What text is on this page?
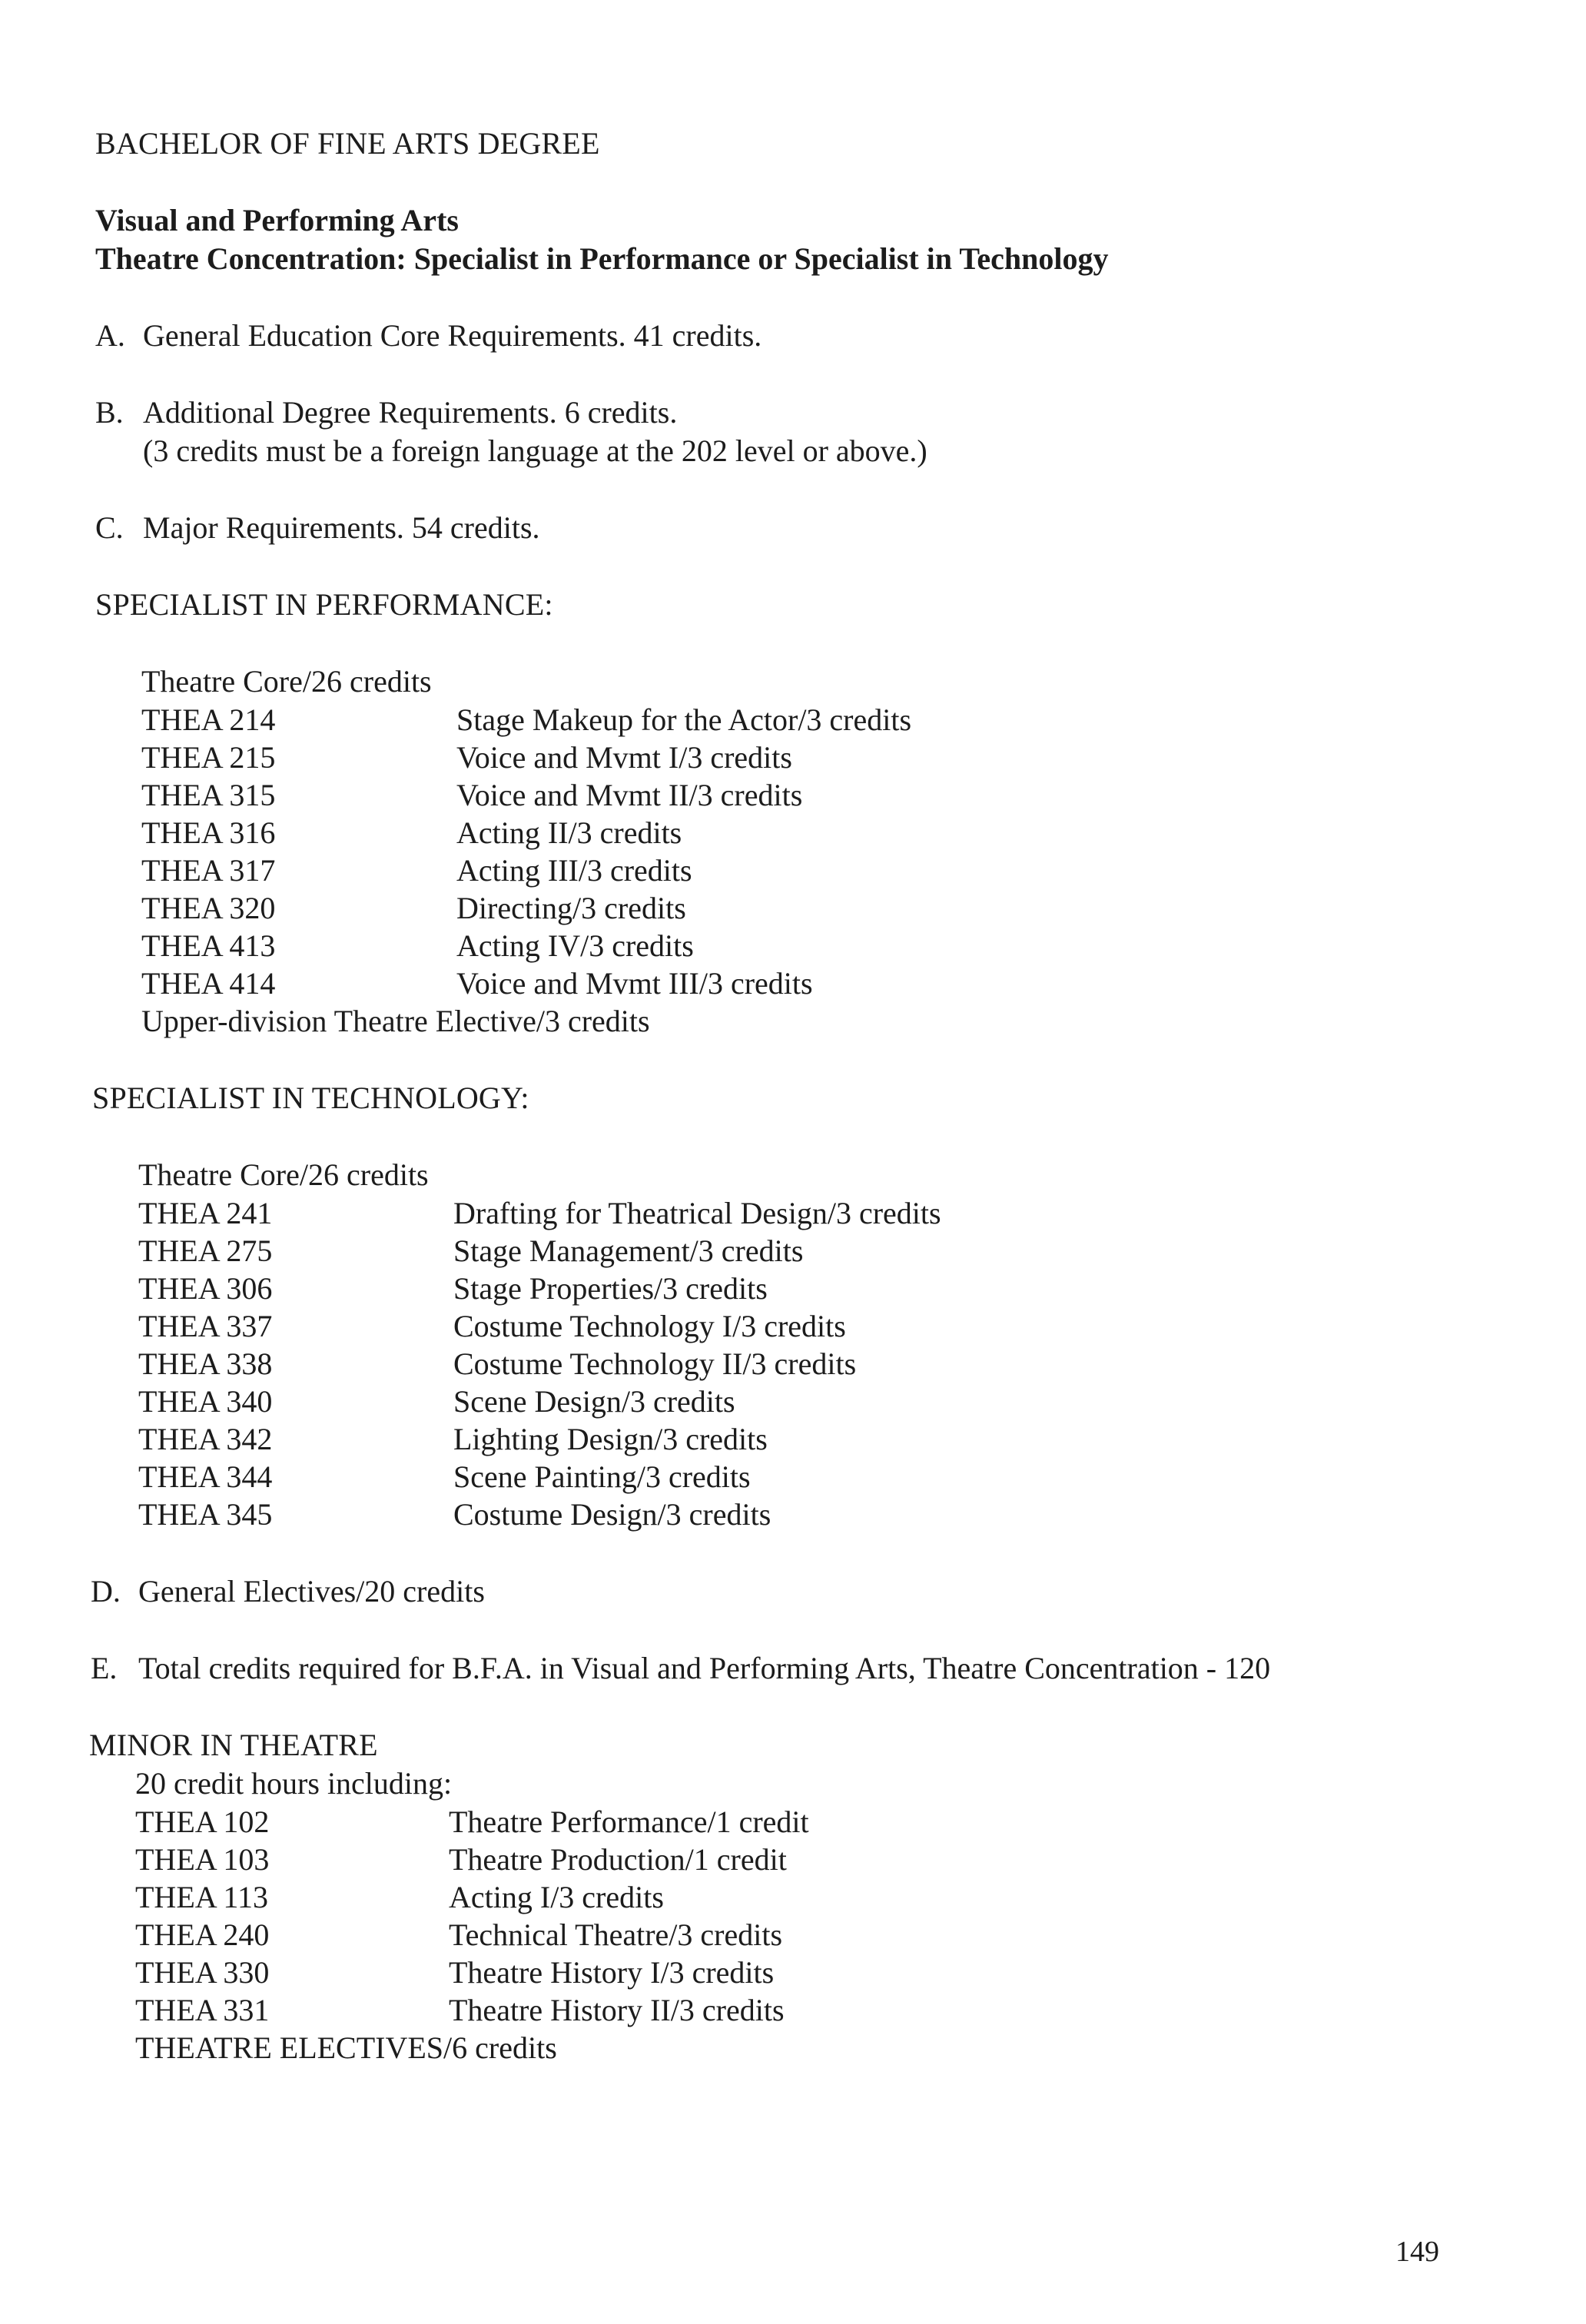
BACHELOR OF FINE ARTS DEGREE
Visual and Performing Arts
Theatre Concentration: Specialist in Performance or Specialist in Technology
A. General Education Core Requirements. 41 credits.
B. Additional Degree Requirements. 6 credits.
(3 credits must be a foreign language at the 202 level or above.)
C. Major Requirements. 54 credits.
SPECIALIST IN PERFORMANCE:
Theatre Core/26 credits
THEA 214	Stage Makeup for the Actor/3 credits
THEA 215	Voice and Mvmt I/3 credits
THEA 315	Voice and Mvmt II/3 credits
THEA 316	Acting II/3 credits
THEA 317	Acting III/3 credits
THEA 320	Directing/3 credits
THEA 413	Acting IV/3 credits
THEA 414	Voice and Mvmt III/3 credits
Upper-division Theatre Elective/3 credits
SPECIALIST IN TECHNOLOGY:
Theatre Core/26 credits
THEA 241	Drafting for Theatrical Design/3 credits
THEA 275	Stage Management/3 credits
THEA 306	Stage Properties/3 credits
THEA 337	Costume Technology I/3 credits
THEA 338	Costume Technology II/3 credits
THEA 340	Scene Design/3 credits
THEA 342	Lighting Design/3 credits
THEA 344	Scene Painting/3 credits
THEA 345	Costume Design/3 credits
D. General Electives/20 credits
E. Total credits required for B.F.A. in Visual and Performing Arts, Theatre Concentration - 120
MINOR IN THEATRE
20 credit hours including:
THEA 102	Theatre Performance/1 credit
THEA 103	Theatre Production/1 credit
THEA 113	Acting I/3 credits
THEA 240	Technical Theatre/3 credits
THEA 330	Theatre History I/3 credits
THEA 331	Theatre History II/3 credits
THEATRE ELECTIVES/6 credits
149
